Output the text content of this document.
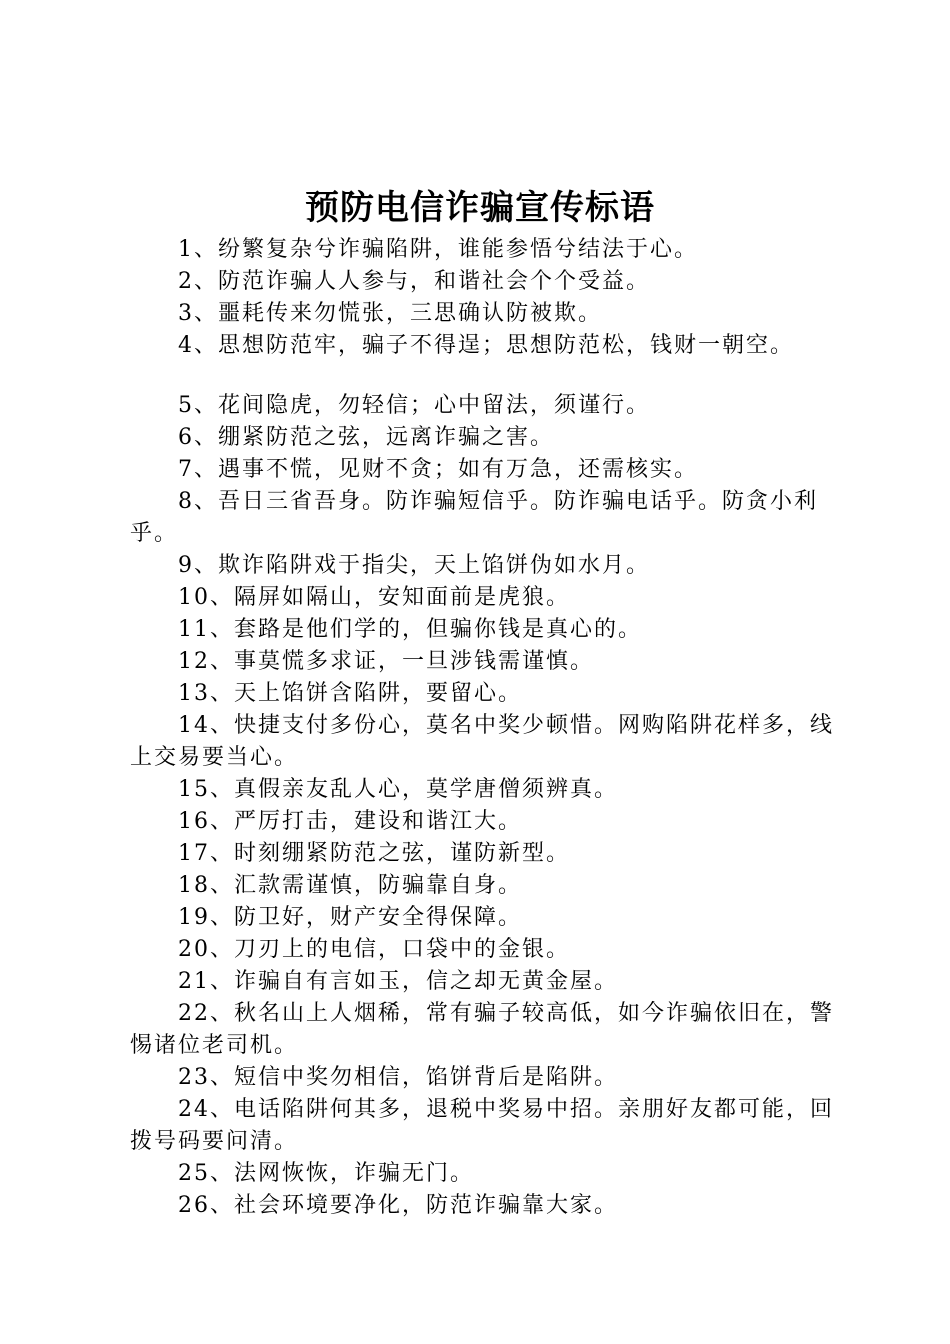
预防电信诈骗宣传标语

1、纷繁复杂兮诈骗陷阱，谁能参悟兮结法于心。

2、防范诈骗人人参与，和谐社会个个受益。

3、噩耗传来勿慌张，三思确认防被欺。

4、思想防范牢，骗子不得逞；思想防范松，钱财一朝空。

5、花间隐虎，勿轻信；心中留法，须谨行。

6、绷紧防范之弦，远离诈骗之害。

7、遇事不慌，见财不贪；如有万急，还需核实。

8、吾日三省吾身。防诈骗短信乎。防诈骗电话乎。防贪小利乎。

9、欺诈陷阱戏于指尖，天上馅饼伪如水月。

10、隔屏如隔山，安知面前是虎狼。

11、套路是他们学的，但骗你钱是真心的。

12、事莫慌多求证，一旦涉钱需谨慎。

13、天上馅饼含陷阱，要留心。

14、快捷支付多份心，莫名中奖少顿惜。网购陷阱花样多，线上交易要当心。

15、真假亲友乱人心，莫学唐僧须辨真。

16、严厉打击，建设和谐江大。

17、时刻绷紧防范之弦，谨防新型。

18、汇款需谨慎，防骗靠自身。

19、防卫好，财产安全得保障。

20、刀刃上的电信，口袋中的金银。

21、诈骗自有言如玉，信之却无黄金屋。

22、秋名山上人烟稀，常有骗子较高低，如今诈骗依旧在，警惕诸位老司机。

23、短信中奖勿相信，馅饼背后是陷阱。

24、电话陷阱何其多，退税中奖易中招。亲朋好友都可能，回拨号码要问清。

25、法网恢恢，诈骗无门。

26、社会环境要净化，防范诈骗靠大家。
